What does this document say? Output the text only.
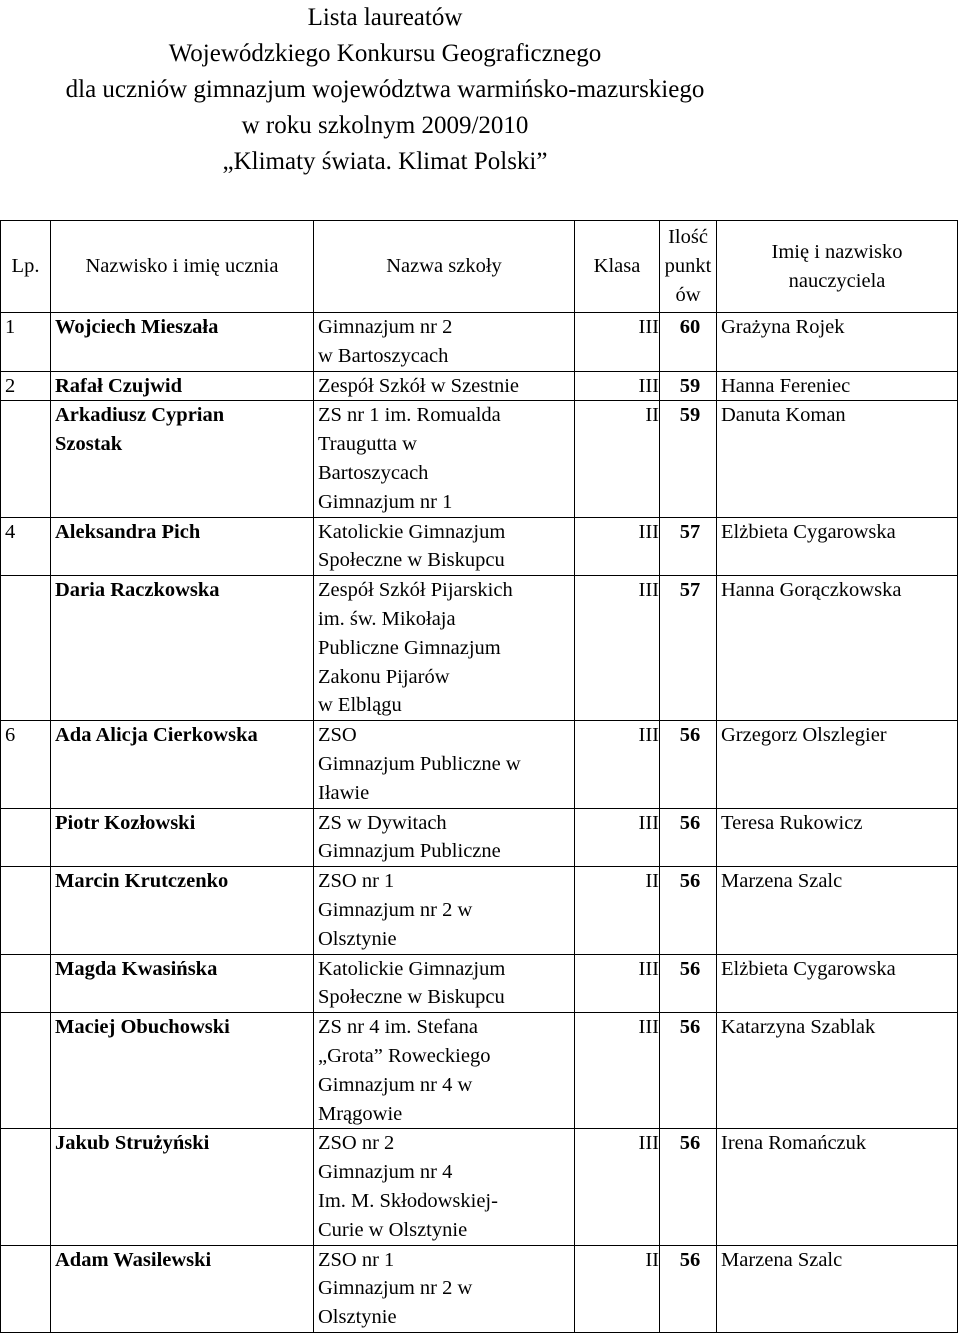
Lista laureatów
Wojewódzkiego Konkursu Geograficznego
dla uczniów gimnazjum województwa warmińsko-mazurskiego
w roku szkolnym 2009/2010
„Klimaty świata. Klimat Polski”
Lp.	Nazwisko i imię ucznia	Nazwa szkoły	Klasa	Ilość
punkt
ów	Imię i nazwisko
nauczyciela

1	Wojciech Mieszała	Gimnazjum nr 2
w Bartoszycach	III	60	Grażyna Rojek
2	Rafał Czujwid	Zespół Szkół w Szestnie	III	59	Hanna Fereniec

	Arkadiusz Cyprian
Szostak	ZS nr 1 im. Romualda
Traugutta w
Bartoszycach
Gimnazjum nr 1	II	59	Danuta Koman
4	Aleksandra Pich	Katolickie Gimnazjum
Społeczne w Biskupcu	III	57	Elżbieta Cygarowska

	Daria Raczkowska	Zespół Szkół Pijarskich
im. św. Mikołaja
Publiczne Gimnazjum
Zakonu Pijarów
w Elblągu	III	57	Hanna Gorączkowska
6	Ada Alicja Cierkowska	ZSO
Gimnazjum Publiczne w
Iławie	III	56	Grzegorz Olszlegier

	Piotr Kozłowski	ZS w Dywitach
Gimnazjum Publiczne	III	56	Teresa Rukowicz

	Marcin Krutczenko	ZSO nr 1
Gimnazjum nr 2 w
Olsztynie	II	56	Marzena Szalc

	Magda Kwasińska	Katolickie Gimnazjum
Społeczne w Biskupcu	III	56	Elżbieta Cygarowska

	Maciej Obuchowski	ZS nr 4 im. Stefana
„Grota” Roweckiego
Gimnazjum nr 4 w
Mrągowie	III	56	Katarzyna Szablak

	Jakub Strużyński	ZSO nr 2
Gimnazjum nr 4
Im. M. Skłodowskiej-
Curie w Olsztynie	III	56	Irena Romańczuk

	Adam Wasilewski	ZSO nr 1
Gimnazjum nr 2 w
Olsztynie	II	56	Marzena Szalc
